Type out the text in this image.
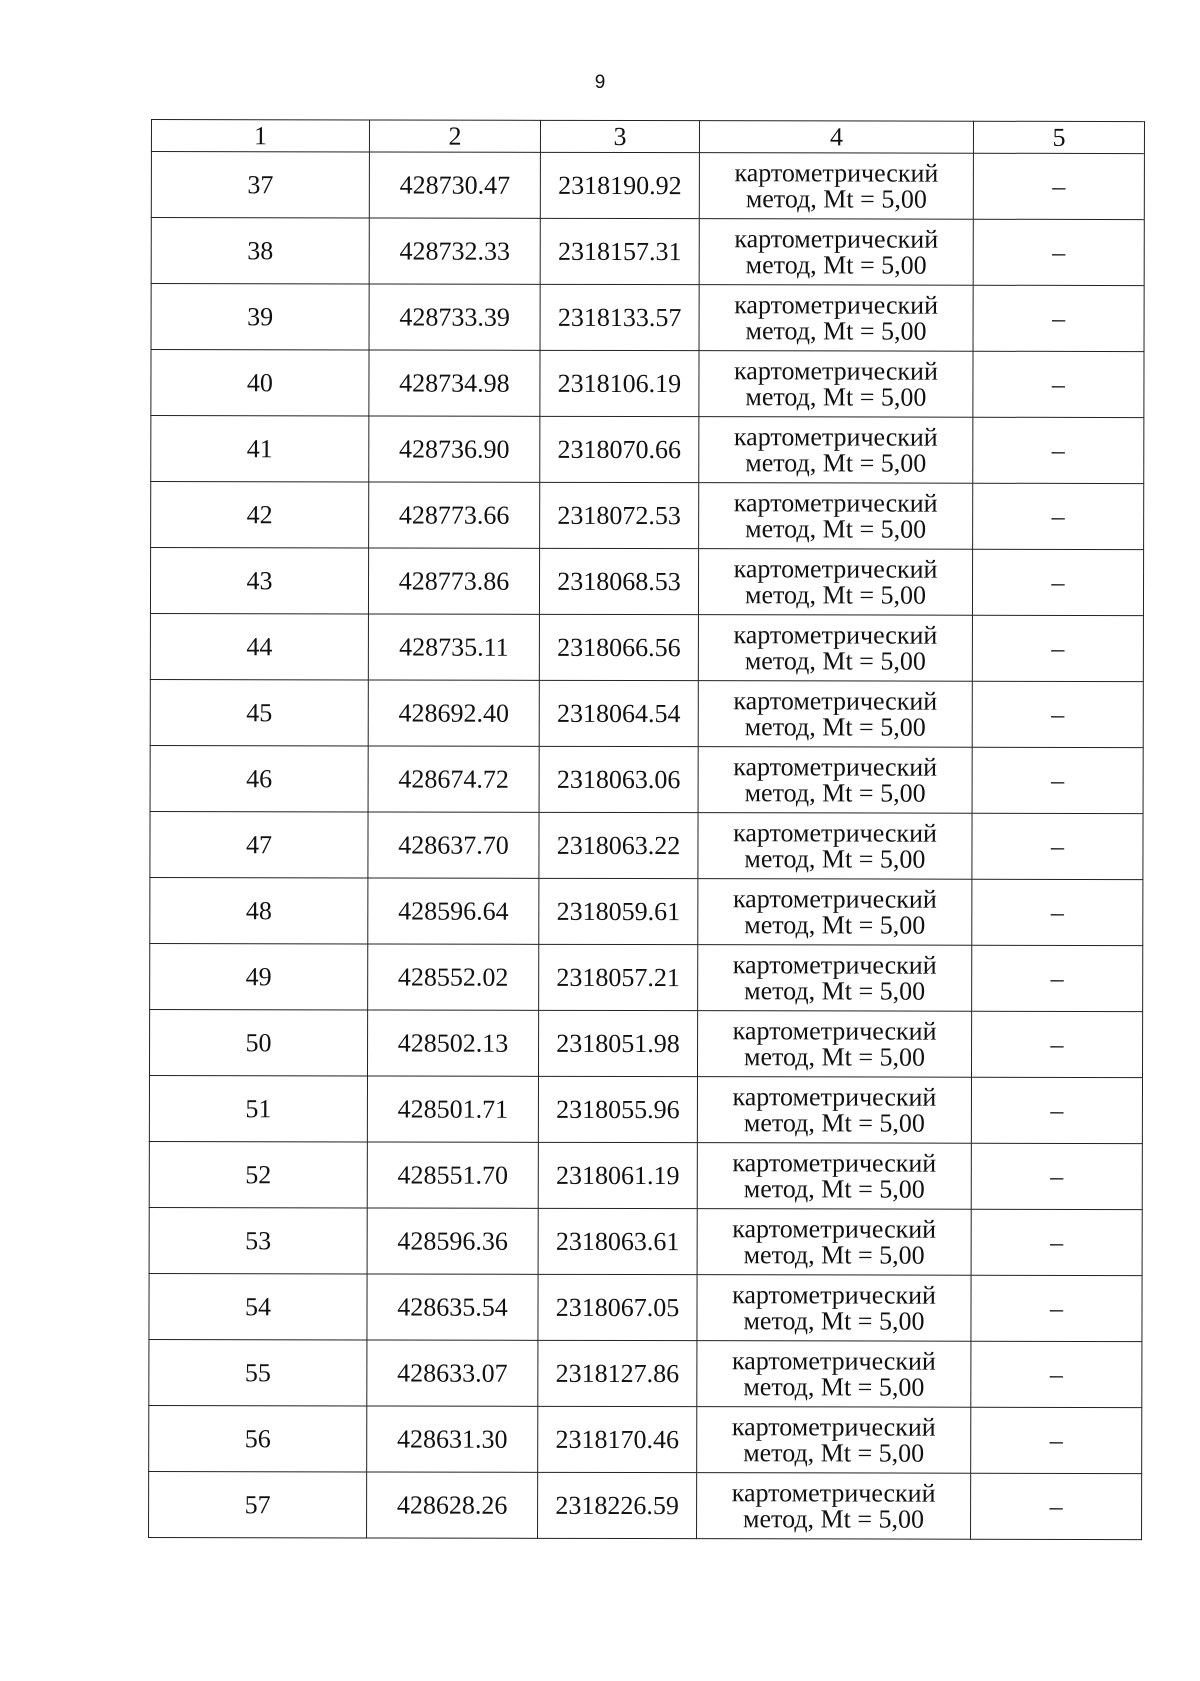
9
1	2	3	4	5
37	428730.47	2318190.92	картометрический
метод, Mt = 5,00	–
38	428732.33	2318157.31	картометрический
метод, Mt = 5,00	–
39	428733.39	2318133.57	картометрический
метод, Mt = 5,00	–
40	428734.98	2318106.19	картометрический
метод, Mt = 5,00	–
41	428736.90	2318070.66	картометрический
метод, Mt = 5,00	–
42	428773.66	2318072.53	картометрический
метод, Mt = 5,00	–
43	428773.86	2318068.53	картометрический
метод, Mt = 5,00	–
44	428735.11	2318066.56	картометрический
метод, Mt = 5,00	–
45	428692.40	2318064.54	картометрический
метод, Mt = 5,00	–
46	428674.72	2318063.06	картометрический
метод, Mt = 5,00	–
47	428637.70	2318063.22	картометрический
метод, Mt = 5,00	–
48	428596.64	2318059.61	картометрический
метод, Mt = 5,00	–
49	428552.02	2318057.21	картометрический
метод, Mt = 5,00	–
50	428502.13	2318051.98	картометрический
метод, Mt = 5,00	–
51	428501.71	2318055.96	картометрический
метод, Mt = 5,00	–
52	428551.70	2318061.19	картометрический
метод, Mt = 5,00	–
53	428596.36	2318063.61	картометрический
метод, Mt = 5,00	–
54	428635.54	2318067.05	картометрический
метод, Mt = 5,00	–
55	428633.07	2318127.86	картометрический
метод, Mt = 5,00	–
56	428631.30	2318170.46	картометрический
метод, Mt = 5,00	–
57	428628.26	2318226.59	картометрический
метод, Mt = 5,00	–
